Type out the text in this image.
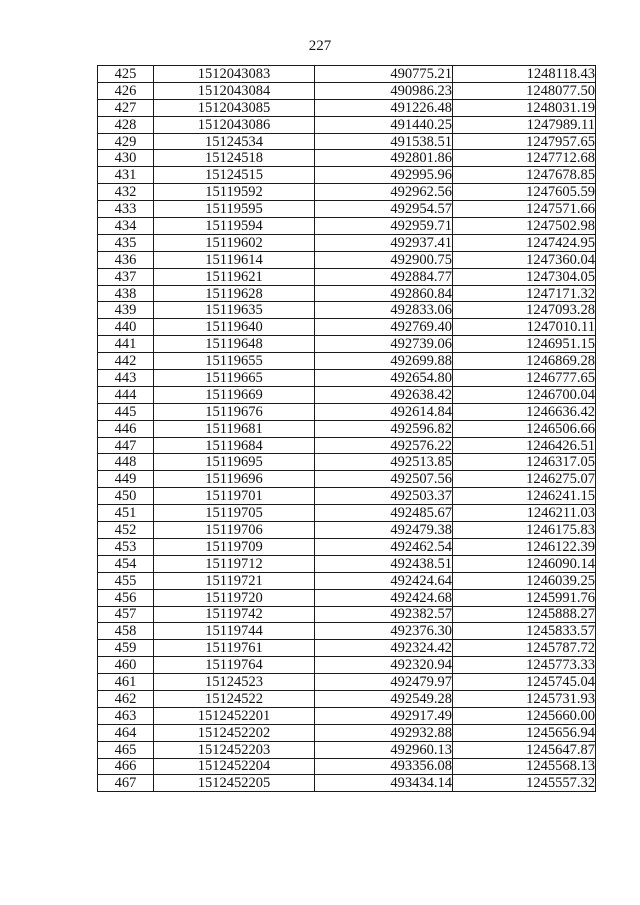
227
425	1512043083	490775.21	1248118.43
426	1512043084	490986.23	1248077.50
427	1512043085	491226.48	1248031.19
428	1512043086	491440.25	1247989.11
429	15124534	491538.51	1247957.65
430	15124518	492801.86	1247712.68
431	15124515	492995.96	1247678.85
432	15119592	492962.56	1247605.59
433	15119595	492954.57	1247571.66
434	15119594	492959.71	1247502.98
435	15119602	492937.41	1247424.95
436	15119614	492900.75	1247360.04
437	15119621	492884.77	1247304.05
438	15119628	492860.84	1247171.32
439	15119635	492833.06	1247093.28
440	15119640	492769.40	1247010.11
441	15119648	492739.06	1246951.15
442	15119655	492699.88	1246869.28
443	15119665	492654.80	1246777.65
444	15119669	492638.42	1246700.04
445	15119676	492614.84	1246636.42
446	15119681	492596.82	1246506.66
447	15119684	492576.22	1246426.51
448	15119695	492513.85	1246317.05
449	15119696	492507.56	1246275.07
450	15119701	492503.37	1246241.15
451	15119705	492485.67	1246211.03
452	15119706	492479.38	1246175.83
453	15119709	492462.54	1246122.39
454	15119712	492438.51	1246090.14
455	15119721	492424.64	1246039.25
456	15119720	492424.68	1245991.76
457	15119742	492382.57	1245888.27
458	15119744	492376.30	1245833.57
459	15119761	492324.42	1245787.72
460	15119764	492320.94	1245773.33
461	15124523	492479.97	1245745.04
462	15124522	492549.28	1245731.93
463	1512452201	492917.49	1245660.00
464	1512452202	492932.88	1245656.94
465	1512452203	492960.13	1245647.87
466	1512452204	493356.08	1245568.13
467	1512452205	493434.14	1245557.32
